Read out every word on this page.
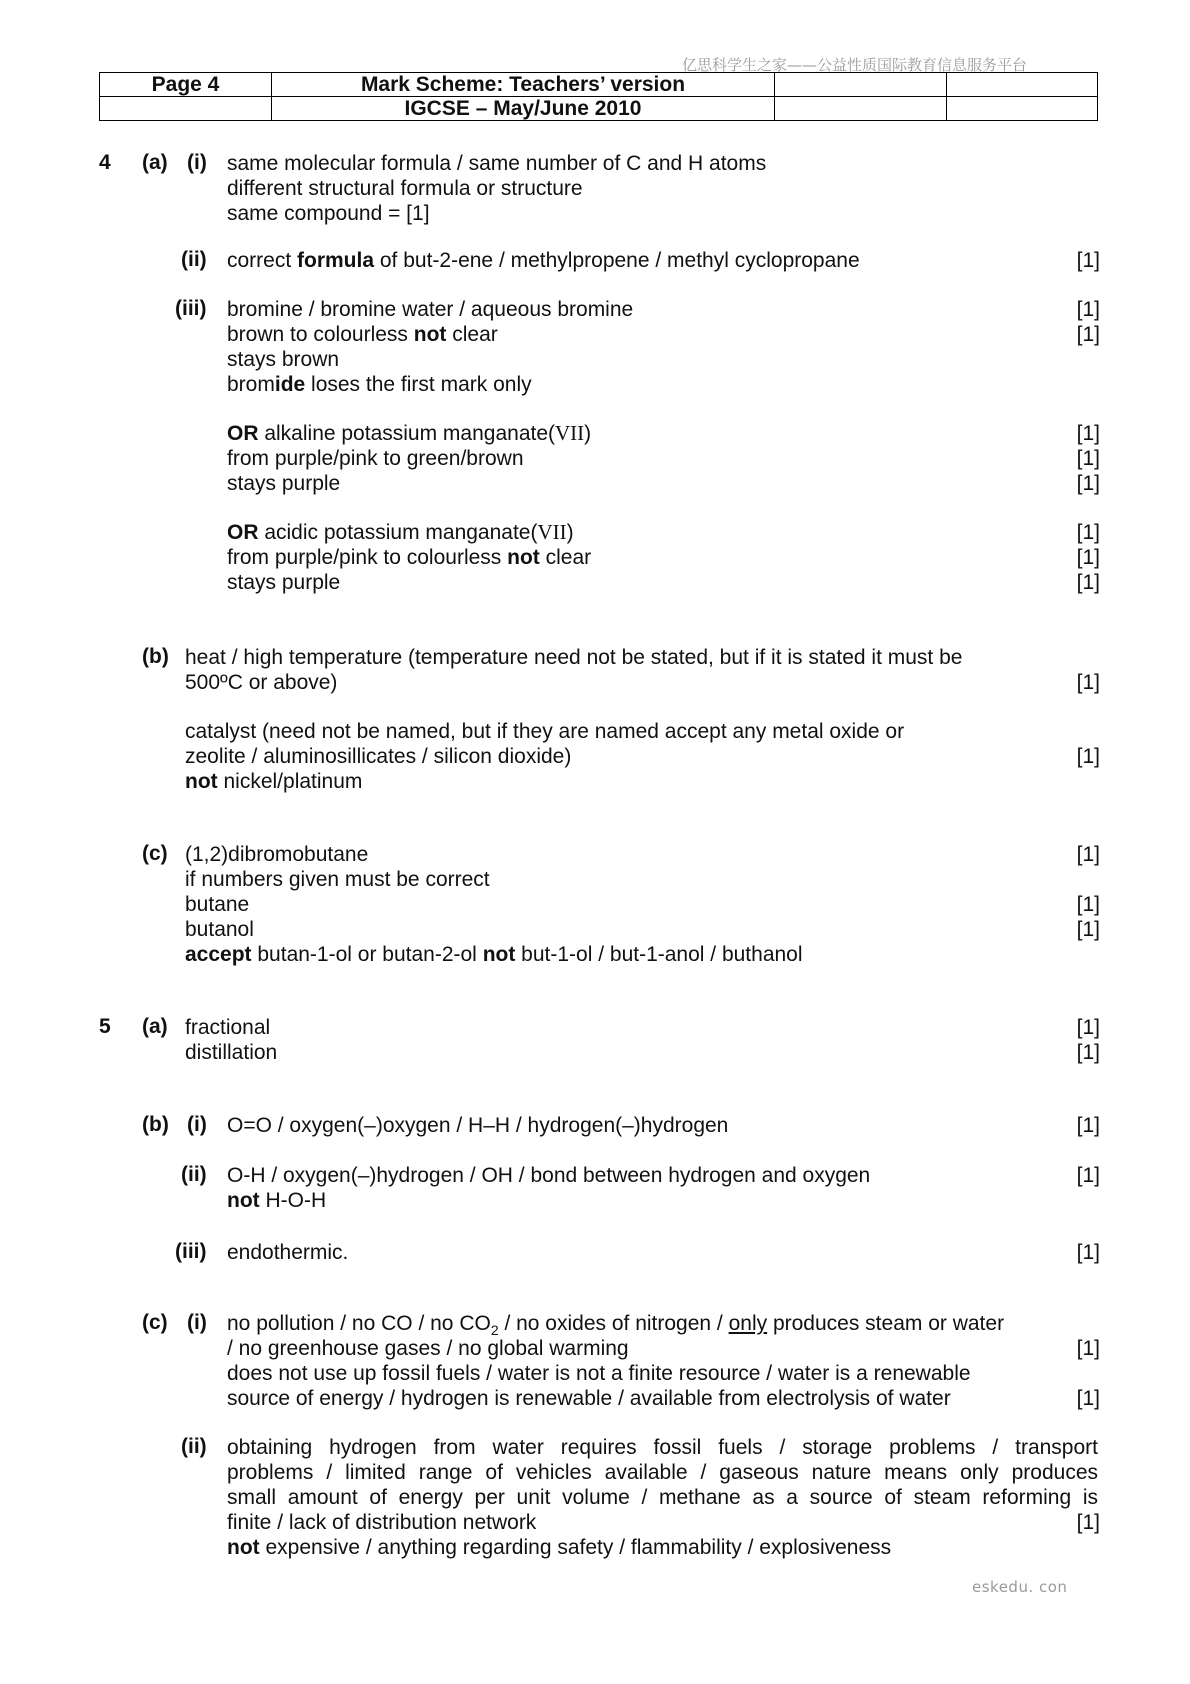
亿思科学生之家——公益性质国际教育信息服务平台
Page 4	Mark Scheme: Teachers’ version		
	IGCSE – May/June 2010		
4 (a) (i) same molecular formula / same number of C and H atoms
different structural formula or structure
same compound = [1]
(ii) correct formula of but-2-ene / methylpropene / methyl cyclopropane	[1]
(iii) bromine / bromine water / aqueous bromine	[1]
brown to colourless not clear	[1]
stays brown
bromide loses the first mark only
OR alkaline potassium manganate(VII)	[1]
from purple/pink to green/brown	[1]
stays purple	[1]
OR acidic potassium manganate(VII)	[1]
from purple/pink to colourless not clear	[1]
stays purple	[1]
(b) heat / high temperature (temperature need not be stated, but if it is stated it must be
500ºC or above)	[1]
catalyst (need not be named, but if they are named accept any metal oxide or
zeolite / aluminosillicates / silicon dioxide)	[1]
not nickel/platinum
(c) (1,2)dibromobutane	[1]
if numbers given must be correct
butane	[1]
butanol	[1]
accept butan-1-ol or butan-2-ol not but-1-ol / but-1-anol / buthanol
5 (a) fractional	[1]
distillation	[1]
(b) (i) O=O / oxygen(–)oxygen / H–H / hydrogen(–)hydrogen	[1]
(ii) O-H / oxygen(–)hydrogen / OH / bond between hydrogen and oxygen	[1]
not H-O-H
(iii) endothermic.	[1]
(c) (i) no pollution / no CO / no $CO_2$ / no oxides of nitrogen / only produces steam or water
/ no greenhouse gases / no global warming	[1]
does not use up fossil fuels / water is not a finite resource / water is a renewable
source of energy / hydrogen is renewable / available from electrolysis of water	[1]
(ii) obtaining hydrogen from water requires fossil fuels / storage problems / transport
problems / limited range of vehicles available / gaseous nature means only produces
small amount of energy per unit volume / methane as a source of steam reforming is
finite / lack of distribution network	[1]
not expensive / anything regarding safety / flammability / explosiveness
eskedu. con
